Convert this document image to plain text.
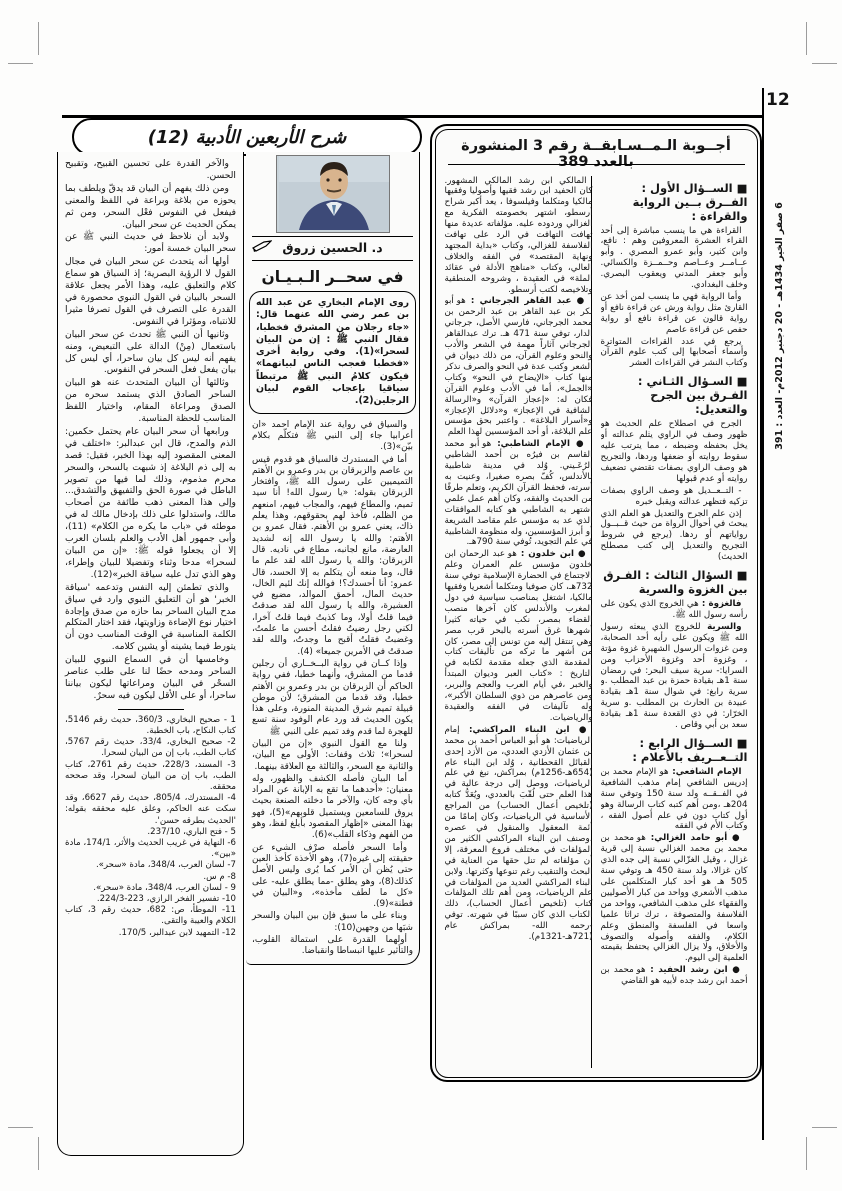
12
6 صفر الخير 1434هـ - 20 دجنبر 2012م- العدد : 391
أجــوبة الـمــسـابقــة رقم 3 المنشورة بالعدد 389

■ الســؤال الأول : الفــرق بــين الرواية والقراءة :

القراءة هي ما ينسب مباشرة إلى أحد القراء العشرة المعروفين وهم : نافع، وابن كثير، وأبو عمرو المصري . وأبو عــامــر وعــاصم وحــمــزة والكسائي. وأبو جعفر المدني ويعقوب البصري. وخلف البغدادي.

وأما الرواية فهي ما ينسب لمن أخذ عن القارئ مثل رواية ورش عن قراءة نافع أو رواية قالون عن قراءة نافع أو رواية حفص عن قراءة عاصم

يرجع في عدد القراءات المتواترة وأسماء أصحابها إلى كتب علوم القرآن وكتاب النشر في القراءات العشر

■ السـؤال الثـاني : الفـرق بين الجرح والتعديل:

الجرح في اصطلاح علم الحديث هو ظهور وصف في الراوي يثلم عدالته أو يخل بحفظه وضبطه ، مما يترتب عليه سقوط روايته أو ضعفها وردها، والتجريح هو وصف الراوي بصفات تقتضي تضعيف روايته أو عدم قبولها

- التــعــديل هو وصف الراوي بصفات تزكيه فتظهر عدالته ويقبل خبره

إذن علم الجرح والتعديل هو العلم الذي يبحث في أحوال الرواة من حيث قــبــول رواياتهم أو ردها. (يرجع في شروط التجريح والتعديل إلى كتب مصطلح الحديث)

■ السؤال الثالث : الفـرق بين الغزوة والسرية

فالغزوة : هي الخروج الذي يكون على رأسه رسول الله ﷺ.

والسرية للخروج الذي يبعثه رسول الله ﷺ ويكون على رأيه أحد الصحابة، ومن غزوات الرسول الشهيرة غزوة مؤتة ، وغزوة أحد وغزوة الأحزاب ومن السرايا:- سرية سيف البحر: في رمضان سنة 1هـ بقيادة حمزة بن عبد المطلب .و سرية رابغ: في شوال سنة 1هـ بقيادة عبيدة بن الحارث بن المطلب .و سرية الخرّار: في ذي القعدة سنة 1هـ بقيادة سعد بن أبي وقاص .

■ الســؤال الرابع : التــعــريف بالأعلام :

الإمام الشافعي: هو الإمام محمد بن إدريس الشافعي إمام مذهب الشافعية في الفــقــه ولد سنة 150 وتوفي سنة 204هـ ،ومن أهم كتبه كتاب الرسالة وهو أول كتاب دون في علم أصول الفقه ، وكتاب الأم في الفقه

● أبو حامد الغزالي: هو محمد بن محمد بن محمد الغزالي نسبة إلى قرية غزال ، وقيل الغزّالي نسبة إلى جده الذي كان غزالا، ولد سنة 450 هـ وتوفي سنة 505 هـ هو أحد كبار المتكلمين على مذهب الأشعري وواحد من كبار الأصوليين والفقهاء على مذهب الشافعي، وواحد من الفلاسفة والمتصوفة ، ترك تراثا علميا واسعا في الفلسفة والمنطق وعلم الكلام، والفقه وأصوله والتصوف والأخلاق، ولا يزال الغزالي يحتفظ بقيمته العلمية إلى اليوم.

● ابن رشد الحفيد : هو محمد بن أحمد ابن رشد جده لأبيه هو القاضي

المالكي ابن رشد المالكي المشهور. كان الحفيد ابن رشد فقيها وأصوليا وفقيها مالكيا ومتكلما وفيلسوفا ، يعد أكبر شراح أرسطو، اشتهر بخصومته الفكرية مع الغزالي وردوده عليه. مؤلفاته عديدة منها تهافت التهافت في الرد على تهافت الفلاسفة للغزالي، وكتاب «بداية المجتهد ونهاية المقتصد» في الفقه والخلاف العالي، وكتاب «مناهج الأدلة في عقائد الملة» في العقيدة ، وشروحه المنطقية وتلاخيصه لكتب أرسطو.

● عبد القاهر الجرجاني : هو أبو بكر بن عبد القاهر بن عبد الرحمن بن محمد الجرجاني، فارسي الأصل، جرجاني الدار، توفي سنة 471 هـ. ترك عبدالقاهر الجرجاني آثاراً مهمة في الشعر والأدب والنحو وعلوم القرآن، من ذلك ديوان في الشعر وكتب عدة في النحو والصرف نذكر منها كتاب «الإيضاح في النحو» وكتاب «الجمل»، أما في الأدب وعلوم القرآن فكان له: «إعجاز القرآن» و«الرسالة الشافية في الإعجاز» و«دلائل الإعجاز» و«أسرار البلاغة» . واعتبر بحق مؤسس علم البلاغة، أو أحد المؤسسين لهذا العلم

● الإمام الشاطبي: هو أبو محمد القاسم بن فيرُه بن أحمد الشاطبي الرُعَـيني. وُلد في مدينة شاطبية بالأندلس، كُفّ بصره صغيرا، وعنيت به أسرته، فحفظ القرآن الكريم، وتعلم طرفًا من الحديث والفقه، وكان أهم عمل علمي اشتهر به الشاطبي هو كتابه الموافقات الذي عد به مؤسس علم مقاصد الشريعة أو أبرز المؤسسين، وله منظومة الشاطبية في علم التجويد، تُوفي سنة 790هـ.

● ابن خلدون : هو عبد الرحمان ابن خلدون مؤسس علم العمران وعلم الاجتماع في الحضارة الإسلامية توفي سنة 732هـ، كان صوفيا ومتكلما أشعريا وفقيها مالكيا، اشتغل بمناصب سياسية في دول المغرب والأندلس كان آخرها منصب القضاء بمصر، نكب في حياته كثيرا أشهرها غرق أسرته بالبحر قرب مصر وهي تنتقل إليه من تونس إلى مصر، كان من أشهر ما تركه من تأليفات كتاب المقدمة الذي جعله مقدمة لكتابه في التاريخ : «كتاب العبر وديوان المبتدأ والخبر ،في أيام العرب والعجم والبربر، ومن عاصرهم من ذوي السلطان الأكبر»، وله تآليفات في الفقه والعقيدة والرياضيات.

● ابن البناء المراكشي: إمام الرياضيات: هو أبو العباس أحمد بن محمد بن عثمان الأزدي العددي، من الأزد إحدى القبائل القحطانية ، وُلد ابن البناء عام (654هـ-1256م) بمراكش، نبغ في علم الرياضيات، ووصل إلى درجة عالية في هذا العلم حتى لُقّبَ بالعددي، ويُعَدُّ كتابه (تلخيص أعمال الحساب) من المراجع الأساسية في الرياضيات، وكان إمامًا من أئمة المعقول والمنقول في عصره .وصنف ابن البناء المراكشي الكثير من المؤلفات في مختلف فروع المعرفة، إلا أن مؤلفاته لم تنل حقها من العناية في البحث والتنقيب رغم تنوعها وكثرتها. ولابن البناء المراكشي العديد من المؤلفات في علم الرياضيات، ومن أهم تلك المؤلفات كتاب (تلخيص أعمال الحساب)، ذلك الكتاب الذي كان سببًا في شهرته. توفي -رحمه الله- بمراكش عام (721هـ-1321م).

شرح الأربعين الأدبية (12)

والآخر القدرة على تحسين القبيح، وتقبيح الحسن.

ومن ذلك يفهم أن البيان قد يدقّ ويلطف بما يحوزه من بلاغة وبراعة في اللفظ والمعنى فيفعل في النفوس فعْل السحر، ومن ثم يمكن الحديث عن سحر البيان.

ولابد أن نلاحظ في حديث النبي ﷺ عن سحر البيان خمسة أمور:

أولها أنه يتحدث عن سحر البيان في مجال القول لا الرؤية البصرية؛ إذ السياق هو سماع كلام والتعليق عليه، وهذا الأمر يجعل علاقة السحر بالبيان في القول النبوي محصورة في القدرة على التصرف في القول تصرفا مثيرا للانتباه، ومؤثرا في النفوس.

وثانيها أن النبي ﷺ تحدث عن سحر البيان باستعمال (مِنْ) الدالة على التبعيض، ومنه يفهم أنه ليس كل بيان ساحرا، أي ليس كل بيان يفعل فعل السحر في النفوس.

وثالثها أن البيان المتحدث عنه هو البيان الساحر الصادق الذي يستمد سحره من الصدق ومراعاة المقام، واختيار اللفظ المناسب للحظة المناسبة.

ورابعها أن سحر البيان عام يحتمل حكمين: الذم والمدح، قال ابن عبدالبر: «اختلف في المعنى المقصود إليه بهذا الخبر، فقيل: قصد به إلى ذم البلاغة إذ شبهت بالسحر، والسحر محرم مذموم، وذلك لما فيها من تصوير الباطل في صورة الحق والتفيهق والتشدق... وإلى هذا المعنى ذهب طائفة من أصحاب مالك، واستدلوا على ذلك بإدخال مالك له في موطئه في «باب ما يكره من الكلام» (11)، وأبى جمهور أهل الأدب والعلم بلسان العرب إلا أن يجعلوا قوله ﷺ: «إن من البيان لسحرا» مدحا وثناء وتفضيلا للبيان وإطراء، وهو الذي تدل عليه سياقة الخبر»(12).

والذي تطمئن إليه النفس وتدعمه 'سياقة الخبر' هو أن التعليق النبوي وارد في سياق مدح البيان الساحر بما حازه من صدق وإجادة اختيار نوع الإضاءة وزاويتها، فقد اختار المتكلم الكلمة المناسبة في الوقت المناسب دون أن يتورط فيما يشينه أو يشين كلامه.

وخامسها أن في السماع النبوي للبيان الساحر ومدحه حضًا لنا على طلب عناصر السحْر في البيان ومراعاتها ليكون بياننا ساحرا، أو على الأقل ليكون فيه سحرٌ.

1 - صحيح البخاري، 360/3، حديث رقم 5146، كتاب النكاح، باب الخطبة.

2- صحيح البخاري، 33/4، حديث رقم 5767، كتاب الطب، باب إن من البيان لسحرا.

3- المسند، 228/3، حديث رقم 2761، كتاب الطب، باب إن من البيان لسحرا، وقد صححه محققه.

4- المستدرك، 805/4، حديث رقم 6627، وقد سكت عنه الحاكم، وعلق عليه محققه بقوله: 'الحديث بطرقه حسن'.

5 - فتح الباري، 237/10.

6- النهاية في غريب الحديث والأثر، 174/1، مادة «بين».

7- لسان العرب، 348/4، مادة «سحر».

8- م س.

9 - لسان العرب، 348/4، مادة «سحر».

10- تفسير الفخر الرازي، 223-224/3.

11- الموطأ، ص: 682، حديث رقم 3، كتاب الكلام والعيبة والتقى.

12- التمهيد لابن عبدالبر، 170/5.

د. الحسين زروق
في سحــر الـبـيـان
روى الإمام البخاري عن عبد الله بن عمر رضي الله عنهما قال: «جاء رجلان من المشرق فخطبا، فقال النبي ﷺ : إن من البيان لسحرا»(1). وفي رواية أخرى «فخطبا فعجب الناس لبيانهما» فيكون كلامُ النبي ﷺ مرتبطاً سياقيا بإعجاب القوم لبيان الرجلين(2).

والسياق في رواية عند الإمام أحمد «أن أعرابيا جاء إلى النبي ﷺ فتكلّم بكلام بيّن»(3).

أما في المستدرك فالسياق هو قدوم قيس بن عاصم والزبرقان بن بدر وعمرو بن الأهتم التميميين على رسول الله ﷺ، وافتخار الزبرقان بقوله: «يا رسول الله! أنا سيد تميم، والمطاع فيهم، والمجاب فيهم، امنعهم من الظلم، فآخذ لهم بحقوقهم، وهذا يعلم ذاك، يعني عمرو بن الأهتم. فقال عمرو بن الأهتم: والله يا رسول الله إنه لشديد العارضة، مانع لجانبه، مطاع في ناديه. قال الزبرقان: والله يا رسول الله لقد علم ما قال، وما منعه أن يتكلم به إلا الحسد، قال عمرو: أنا أحسدك؟! فوالله إنك لئيم الخال، حديث المال، أحمق الموالد، مضيع في العشيرة، والله يا رسول الله لقد صدقتُ فيما قلتُ أولا، وما كذبتُ فيما قلتُ آخرا، لكني رجل رضيتُ فقلتُ أحسن ما علمتُ، وغضبتُ فقلتُ أقبح ما وجدتُ، والله لقد صدقتُ في الأمرين جميعا» (4).

وإذا كــان في رواية البــخــاري أن رجلين قدما من المشرق، وأنهما خطبا، ففي رواية الحاكم أن الزبرقان بن بدر وعمرو بن الأهتم خطبا، وقد قدما من المشرق؛ لأن موطن قبيلة تميم شرق المدينة المنورة، وعلى هذا يكون الحديث قد ورد عام الوفود سنة تسع للهجرة لما قدم وفد تميم على النبي ﷺ

ولنا مع القول النبوي «إن من البيان لسحرا»؛ ثلاث وقفات: الأولى مع البيان، والثانية مع السحر، والثالثة مع العلاقة بينهما.

أما البيان فأصله الكشف والظهور، وله معنيان: «أحدهما ما تقع به الإبانة عن المراد بأي وجه كان، والآخر ما دخلته الصنعة بحيث يروق للسامعين ويستميل قلوبهم»(5)، فهو بهذا المعنى «إظهار المقصود بأبلغ لفظ، وهو من الفهم وذكاء القلب»(6).

وأما السحر فأصله صرْف الشيء عن حقيقته إلى غيره(7)، وهو الأخذة كأخذ العين حتى يُظن أن الأمر كما يُرى وليس الأصل كذلك(8)، وهو يطلق -مما يطلق عليه- على «كل ما لطف مأخذه»، و«البيان في فطنة»(9).

وبناء على ما سبق فإن بين البيان والسحر شبَها من وجهين(10):

أولهما القدرة على استمالة القلوب، والتأثير عليها انبساطا وانقباضا.
